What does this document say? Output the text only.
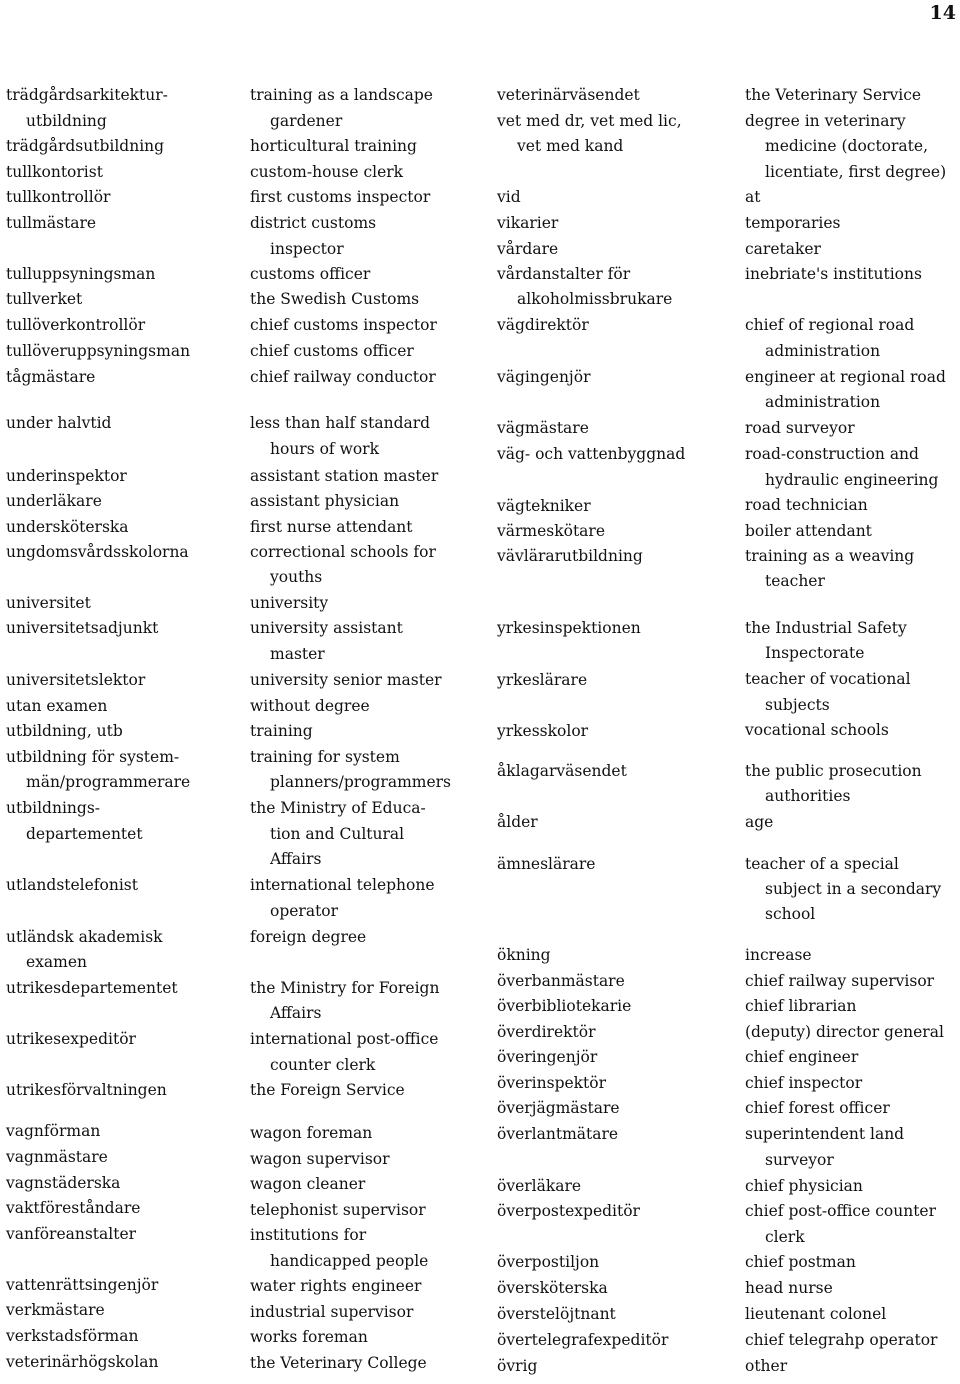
14
trädgårdsarkitektur-
utbildning
trädgårdsutbildning
tullkontorist
tullkontrollör
tullmästare
tulluppsyningsman
tullverket
tullöverkontrollör
tullöveruppsyningsman
tågmästare
under halvtid
underinspektor
underläkare
undersköterska
ungdomsvårdsskolorna
universitet
universitetsadjunkt
universitetslektor
utan examen
utbildning, utb
utbildning för system-
män/programmerare
utbildnings-
departementet
utlandstelefonist
utländsk akademisk
examen
utrikesdepartementet
utrikesexpeditör
utrikesförvaltningen
vagnförman
vagnmästare
vagnstäderska
vaktföreståndare
vanföreanstalter
vattenrättsingenjör
verkmästare
verkstadsförman
veterinärhögskolan
training as a landscape
gardener
horticultural training
custom-house clerk
first customs inspector
district customs
inspector
customs officer
the Swedish Customs
chief customs inspector
chief customs officer
chief railway conductor
less than half standard
hours of work
assistant station master
assistant physician
first nurse attendant
correctional schools for
youths
university
university assistant
master
university senior master
without degree
training
training for system
planners/programmers
the Ministry of Educa-
tion and Cultural
Affairs
international telephone
operator
foreign degree
the Ministry for Foreign
Affairs
international post-office
counter clerk
the Foreign Service
wagon foreman
wagon supervisor
wagon cleaner
telephonist supervisor
institutions for
handicapped people
water rights engineer
industrial supervisor
works foreman
the Veterinary College
veterinärväsendet
vet med dr, vet med lic,
vet med kand
vid
vikarier
vårdare
vårdanstalter för
alkoholmissbrukare
vägdirektör
vägingenjör
vägmästare
väg- och vattenbyggnad
vägtekniker
värmeskötare
vävlärarutbildning
yrkesinspektionen
yrkeslärare
yrkesskolor
åklagarväsendet
ålder
ämneslärare
ökning
överbanmästare
överbibliotekarie
överdirektör
överingenjör
överinspektör
överjägmästare
överlantmätare
överläkare
överpostexpeditör
överpostiljon
översköterska
överstelöjtnant
övertelegrafexpeditör
övrig
the Veterinary Service
degree in veterinary
medicine (doctorate,
licentiate, first degree)
at
temporaries
caretaker
inebriate's institutions
chief of regional road
administration
engineer at regional road
administration
road surveyor
road-construction and
hydraulic engineering
road technician
boiler attendant
training as a weaving
teacher
the Industrial Safety
Inspectorate
teacher of vocational
subjects
vocational schools
the public prosecution
authorities
age
teacher of a special
subject in a secondary
school
increase
chief railway supervisor
chief librarian
(deputy) director general
chief engineer
chief inspector
chief forest officer
superintendent land
surveyor
chief physician
chief post-office counter
clerk
chief postman
head nurse
lieutenant colonel
chief telegrahp operator
other
